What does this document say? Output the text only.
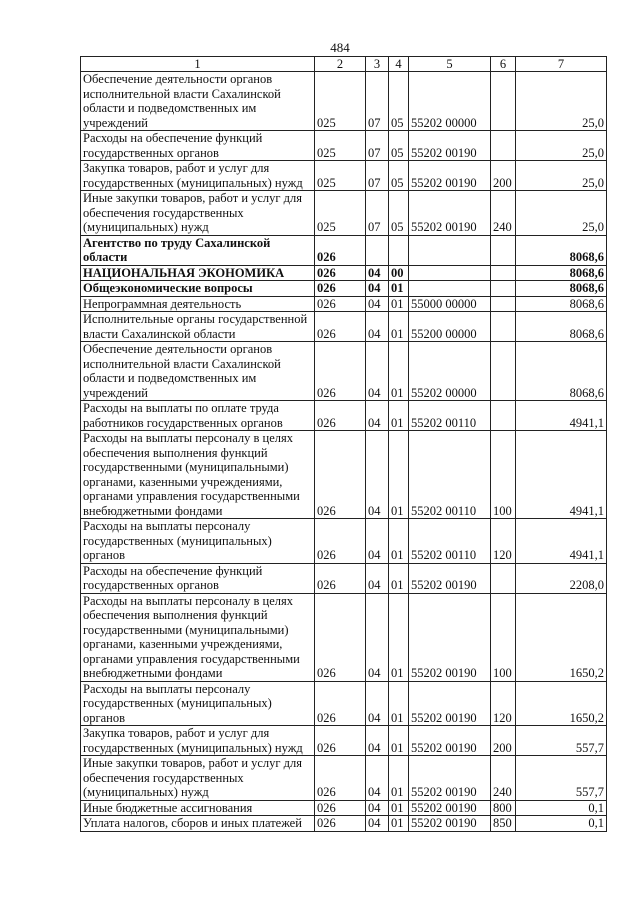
484
1	2	3	4	5	6	7
Обеспечение деятельности органов исполнительной власти Сахалинской области и подведомственных им учреждений	025	07	05	55202 00000		25,0
Расходы на обеспечение функций государственных органов	025	07	05	55202 00190		25,0
Закупка товаров, работ и услуг для государственных (муниципальных) нужд	025	07	05	55202 00190	200	25,0
Иные закупки товаров, работ и услуг для обеспечения государственных (муниципальных) нужд	025	07	05	55202 00190	240	25,0
Агентство по труду Сахалинской области	026					8068,6
НАЦИОНАЛЬНАЯ ЭКОНОМИКА	026	04	00			8068,6
Общеэкономические вопросы	026	04	01			8068,6
Непрограммная деятельность	026	04	01	55000 00000		8068,6
Исполнительные органы государственной власти Сахалинской области	026	04	01	55200 00000		8068,6
Обеспечение деятельности органов исполнительной власти Сахалинской области и подведомственных им учреждений	026	04	01	55202 00000		8068,6
Расходы на выплаты по оплате труда работников государственных органов	026	04	01	55202 00110		4941,1
Расходы на выплаты персоналу в целях обеспечения выполнения функций государственными (муниципальными) органами, казенными учреждениями, органами управления государственными внебюджетными фондами	026	04	01	55202 00110	100	4941,1
Расходы на выплаты персоналу государственных (муниципальных) органов	026	04	01	55202 00110	120	4941,1
Расходы на обеспечение функций государственных органов	026	04	01	55202 00190		2208,0
Расходы на выплаты персоналу в целях обеспечения выполнения функций государственными (муниципальными) органами, казенными учреждениями, органами управления государственными внебюджетными фондами	026	04	01	55202 00190	100	1650,2
Расходы на выплаты персоналу государственных (муниципальных) органов	026	04	01	55202 00190	120	1650,2
Закупка товаров, работ и услуг для государственных (муниципальных) нужд	026	04	01	55202 00190	200	557,7
Иные закупки товаров, работ и услуг для обеспечения государственных (муниципальных) нужд	026	04	01	55202 00190	240	557,7
Иные бюджетные ассигнования	026	04	01	55202 00190	800	0,1
Уплата налогов, сборов и иных платежей	026	04	01	55202 00190	850	0,1
